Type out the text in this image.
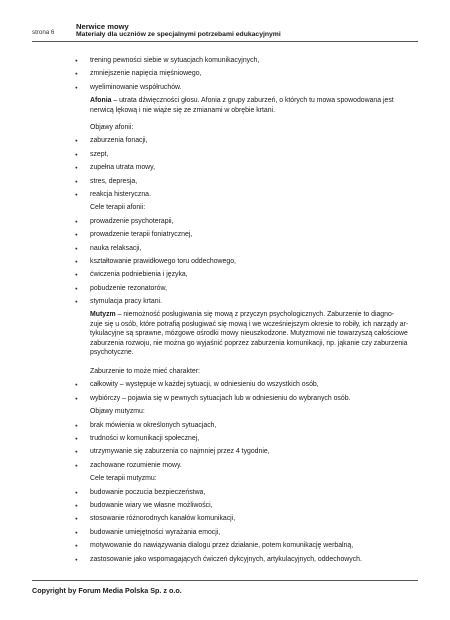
strona 6
Nerwice mowy
Materiały dla uczniów ze specjalnymi potrzebami edukacyjnymi
● trening pewności siebie w sytuacjach komunikacyjnych,
● zmniejszenie napięcia mięśniowego,
● wyeliminowanie współruchów.
Afonia – utrata dźwięczności głosu. Afonia z grupy zaburzeń, o których tu mowa spowodowana jest
nerwicą lękową i nie wiąże się ze zmianami w obrębie krtani.
Objawy afonii:
● zaburzenia fonacji,
● szept,
● zupełna utrata mowy,
● stres, depresja,
● reakcja histeryczna.
Cele terapii afonii:
● prowadzenie psychoterapii,
● prowadzenie terapii foniatrycznej,
● nauka relaksacji,
● kształtowanie prawidłowego toru oddechowego,
● ćwiczenia podniebienia i języka,
● pobudzenie rezonatorów,
● stymulacja pracy krtani.
Mutyzm – niemożność posługiwania się mową z przyczyn psychologicznych. Zaburzenie to diagno-
zuje się u osób, które potrafią posługiwać się mową i we wcześniejszym okresie to robiły, ich narządy ar-
tykulacyjne są sprawne, mózgowe ośrodki mowy nieuszkodzone. Mutyzmowi nie towarzyszą całościowe
zaburzenia rozwoju, nie można go wyjaśnić poprzez zaburzenia komunikacji, np. jąkanie czy zaburzenia
psychotyczne.
Zaburzenie to może mieć charakter:
● całkowity – występuje w każdej sytuacji, w odniesieniu do wszystkich osób,
● wybiórczy – pojawia się w pewnych sytuacjach lub w odniesieniu do wybranych osób.
Objawy mutyzmu:
● brak mówienia w określonych sytuacjach,
● trudności w komunikacji społecznej,
● utrzymywanie się zaburzenia co najmniej przez 4 tygodnie,
● zachowane rozumienie mowy.
Cele terapii mutyzmu:
● budowanie poczucia bezpieczeństwa,
● budowanie wiary we własne możliwości,
● stosowanie różnorodnych kanałów komunikacji,
● budowanie umiejętności wyrażania emocji,
● motywowanie do nawiązywania dialogu przez działanie, potem komunikację werbalną,
● zastosowanie jako wspomagających ćwiczeń dykcyjnych, artykulacyjnych, oddechowych.
Copyright by Forum Media Polska Sp. z o.o.
